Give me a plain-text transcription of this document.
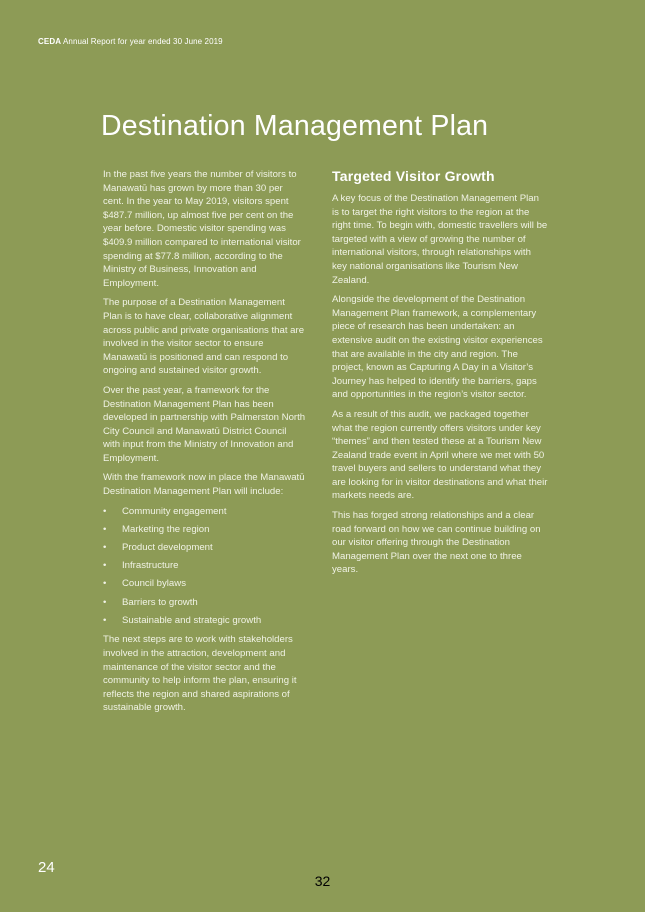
CEDA Annual Report for year ended 30 June 2019
Destination Management Plan

In the past five years the number of visitors to Manawatū has grown by more than 30 per cent. In the year to May 2019, visitors spent $487.7 million, up almost five per cent on the year before. Domestic visitor spending was $409.9 million compared to international visitor spending at $77.8 million, according to the Ministry of Business, Innovation and Employment.

The purpose of a Destination Management Plan is to have clear, collaborative alignment across public and private organisations that are involved in the visitor sector to ensure Manawatū is positioned and can respond to ongoing and sustained visitor growth.

Over the past year, a framework for the Destination Management Plan has been developed in partnership with Palmerston North City Council and Manawatū District Council with input from the Ministry of Innovation and Employment.

With the framework now in place the Manawatū Destination Management Plan will include:

• Community engagement
• Marketing the region
• Product development
• Infrastructure
• Council bylaws
• Barriers to growth
• Sustainable and strategic growth

The next steps are to work with stakeholders involved in the attraction, development and maintenance of the visitor sector and the community to help inform the plan, ensuring it reflects the region and shared aspirations of sustainable growth.

Targeted Visitor Growth

A key focus of the Destination Management Plan is to target the right visitors to the region at the right time. To begin with, domestic travellers will be targeted with a view of growing the number of international visitors, through relationships with key national organisations like Tourism New Zealand.

Alongside the development of the Destination Management Plan framework, a complementary piece of research has been undertaken: an extensive audit on the existing visitor experiences that are available in the city and region. The project, known as Capturing A Day in a Visitor’s Journey has helped to identify the barriers, gaps and opportunities in the region’s visitor sector.

As a result of this audit, we packaged together what the region currently offers visitors under key “themes” and then tested these at a Tourism New Zealand trade event in April where we met with 50 travel buyers and sellers to understand what they are looking for in visitor destinations and what their markets needs are.

This has forged strong relationships and a clear road forward on how we can continue building on our visitor offering through the Destination Management Plan over the next one to three years.

24
32
